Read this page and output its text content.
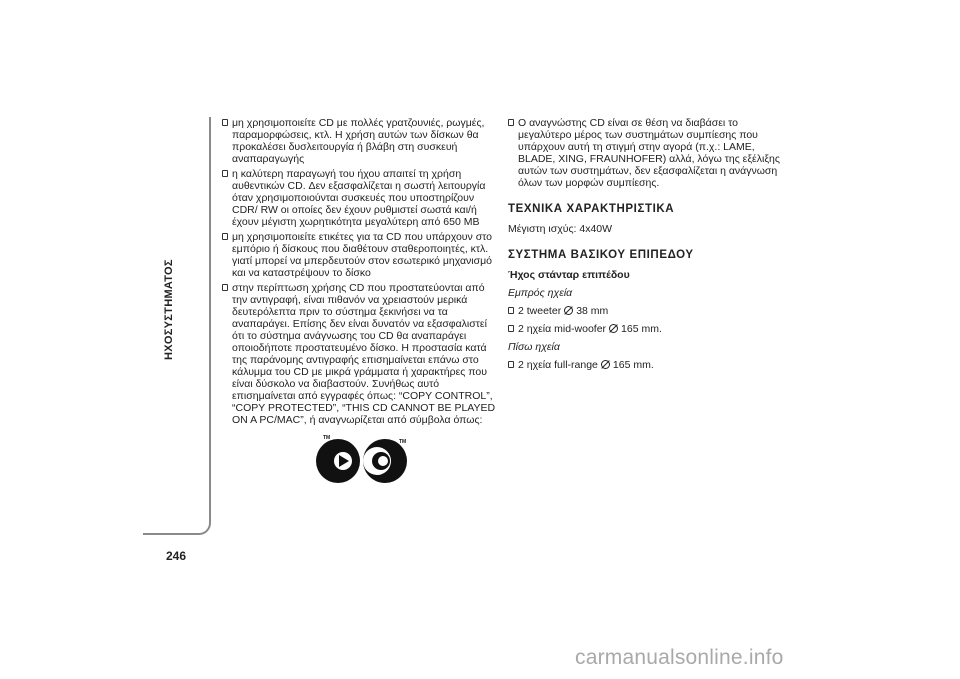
ΗΧΟΣΥΣΤΗΜΑΤΟΣ
246
μη χρησιμοποιείτε CD με πολλές γρατζουνιές, ρωγμές, παραμορφώσεις, κτλ. Η χρήση αυτών των δίσκων θα προκαλέσει δυσλειτουργία ή βλάβη στη συσκευή αναπαραγωγής
η καλύτερη παραγωγή του ήχου απαιτεί τη χρήση αυθεντικών CD. Δεν εξασφαλίζεται η σωστή λειτουργία όταν χρησιμοποιούνται συσκευές που υποστηρίζουν CDR/ RW οι οποίες δεν έχουν ρυθμιστεί σωστά και/ή έχουν μέγιστη χωρητικότητα μεγαλύτερη από 650 MB
μη χρησιμοποιείτε ετικέτες για τα CD που υπάρχουν στο εμπόριο ή δίσκους που διαθέτουν σταθεροποιητές, κτλ. γιατί μπορεί να μπερδευτούν στον εσωτερικό μηχανισμό και να καταστρέψουν το δίσκο
στην περίπτωση χρήσης CD που προστατεύονται από την αντιγραφή, είναι πιθανόν να χρειαστούν μερικά δευτερόλεπτα πριν το σύστημα ξεκινήσει να τα αναπαράγει. Επίσης δεν είναι δυνατόν να εξασφαλιστεί ότι το σύστημα ανάγνωσης του CD θα αναπαράγει οποιοδήποτε προστατευμένο δίσκο. Η προστασία κατά της παράνομης αντιγραφής επισημαίνεται επάνω στο κάλυμμα του CD με μικρά γράμματα ή χαρακτήρες που είναι δύσκολο να διαβαστούν. Συνήθως αυτό επισημαίνεται από εγγραφές όπως: “COPY CONTROL”, “COPY PROTECTED”, “THIS CD CANNOT BE PLAYED ON A PC/MAC”, ή αναγνωρίζεται από σύμβολα όπως:
TM
TM
Ο αναγνώστης CD είναι σε θέση να διαβάσει το μεγαλύτερο μέρος των συστημάτων συμπίεσης που υπάρχουν αυτή τη στιγμή στην αγορά (π.χ.: LAME, BLADE, XING, FRAUNHOFER) αλλά, λόγω της εξέλιξης αυτών των συστημάτων, δεν εξασφαλίζεται η ανάγνωση όλων των μορφών συμπίεσης.
ΤΕΧΝΙΚΑ ΧΑΡΑΚΤΗΡΙΣΤΙΚΑ
Μέγιστη ισχύς: 4x40W
ΣΥΣΤΗΜΑ ΒΑΣΙΚΟΥ ΕΠΙΠΕΔΟΥ
Ήχος στάνταρ επιπέδου
Εμπρός ηχεία
2 tweeter 38 mm
2 ηχεία mid-woofer 165 mm.
Πίσω ηχεία
2 ηχεία full-range 165 mm.
carmanualsonline.info
